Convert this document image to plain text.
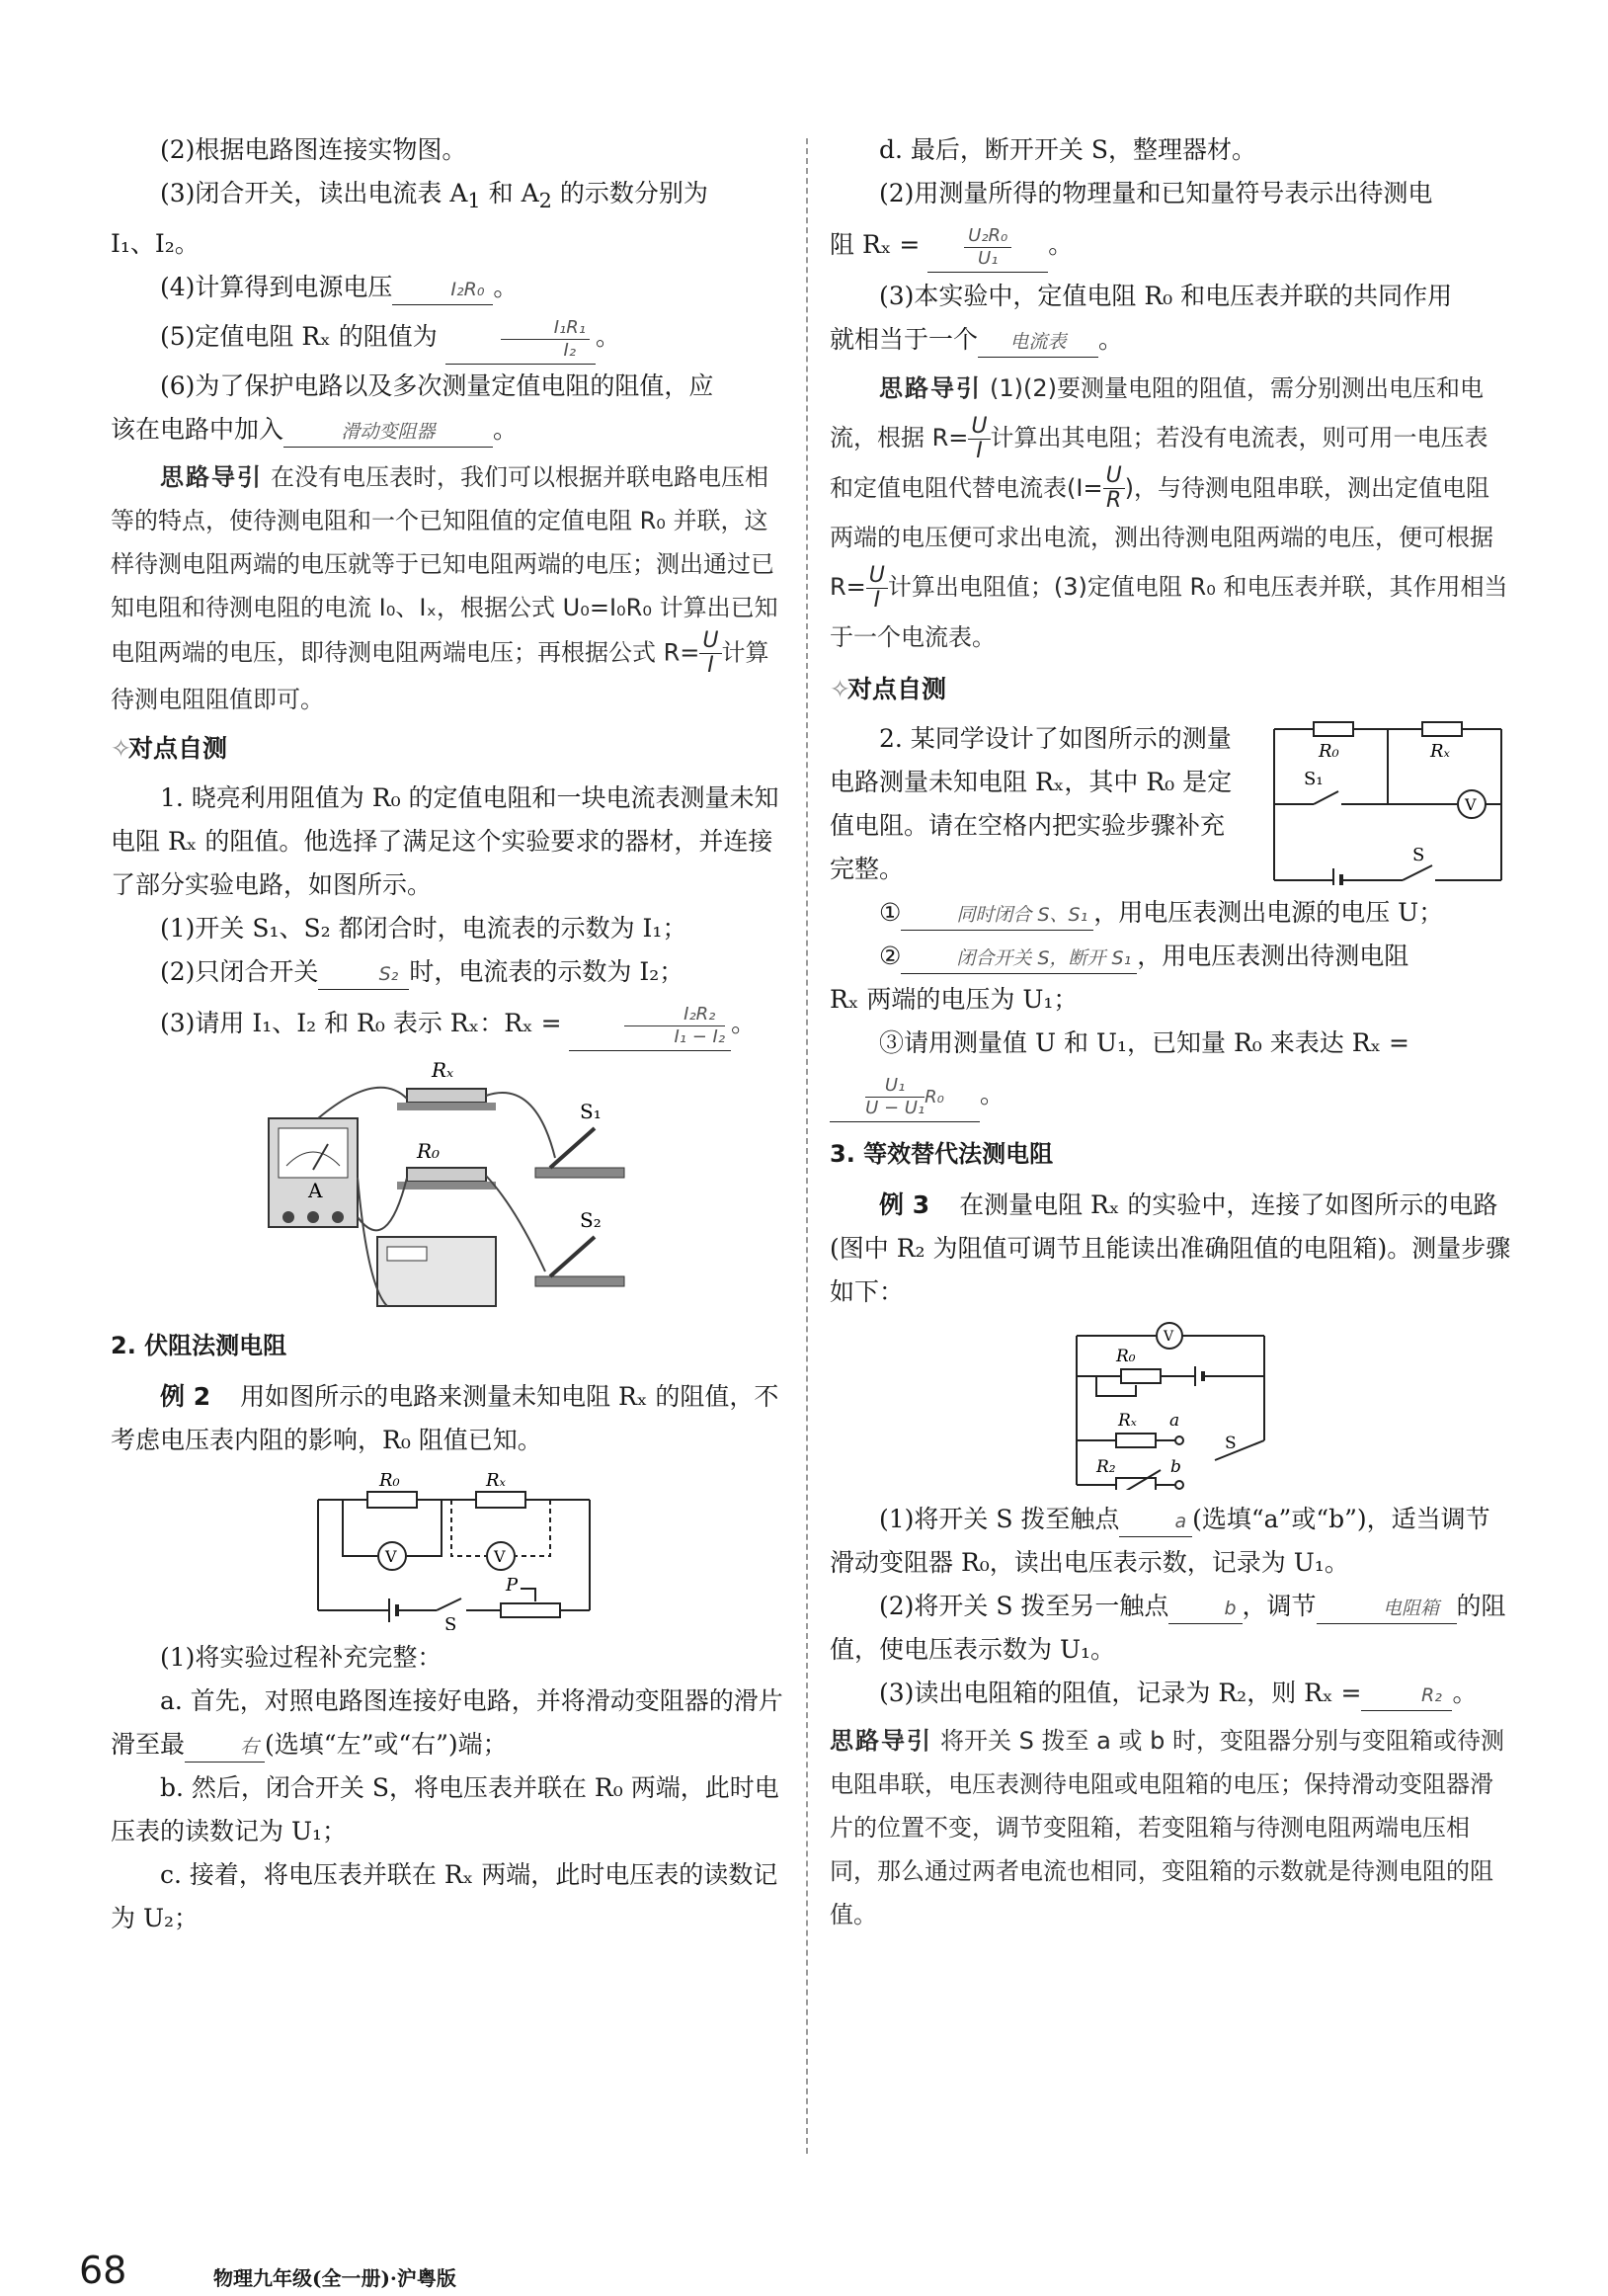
(2)根据电路图连接实物图。

(3)闭合开关，读出电流表 $A_1$ 和 $A_2$ 的示数分别为

I₁、I₂。

(4)计算得到电源电压	I₂R₀ 。

(5)定值电阻 Rₓ 的阻值为	$\frac{\text{I₁R₁}}{\text{I₂}}$ 。

(6)为了保护电路以及多次测量定值电阻的阻值，应

该在电路中加入	滑动变阻器 。

思路导引 在没有电压表时，我们可以根据并联电路电压相等的特点，使待测电阻和一个已知阻值的定值电阻 R₀ 并联，这样待测电阻两端的电压就等于已知电阻两端的电压；测出通过已知电阻和待测电阻的电流 I₀、Iₓ，根据公式 U₀=I₀R₀ 计算出已知电阻两端的电压，即待测电阻两端电压；再根据公式 $R= \frac{U}{I}$ 计算待测电阻阻值即可。
✧对点自测

1. 晓亮利用阻值为 R₀ 的定值电阻和一块电流表测量未知电阻 Rₓ 的阻值。他选择了满足这个实验要求的器材，并连接了部分实验电路，如图所示。

(1)开关 S₁、S₂ 都闭合时，电流表的示数为 I₁；

(2)只闭合开关	S₂ 时，电流表的示数为 I₂；

(3)请用 I₁、I₂ 和 R₀ 表示 Rₓ：Rₓ =	$\frac{\text{I₂R₂}}{\text{I₁ − I₂}}$ 。

A
Rₓ
R₀
S₁
S₂
2. 伏阻法测电阻

例 2 用如图所示的电路来测量未知电阻 Rₓ 的阻值，不考虑电压表内阻的影响，R₀ 阻值已知。

R₀	Rₓ
V	V
P
S

(1)将实验过程补充完整：

a. 首先，对照电路图连接好电路，并将滑动变阻器的滑片滑至最	右 (选填“左”或“右”)端；

b. 然后，闭合开关 S，将电压表并联在 R₀ 两端，此时电压表的读数记为 U₁；

c. 接着，将电压表并联在 Rₓ 两端，此时电压表的读数记为 U₂；

d. 最后，断开开关 S，整理器材。

(2)用测量所得的物理量和已知量符号表示出待测电

阻 $R_x = \frac{\text{U₂R₀}}{\text{U₁}}$ 。

(3)本实验中，定值电阻 R₀ 和电压表并联的共同作用

就相当于一个 电流表 。

思路导引 (1)(2)要测量电阻的阻值，需分别测出电压和电流，根据 $R= \frac{U}{I}$ 计算出其电阻；若没有电流表，则可用一电压表和定值电阻代替电流表($I= \frac{U}{R}$ )，与待测电阻串联，测出定值电阻两端的电压便可求出电流，测出待测电阻两端的电压，便可根据 $R= \frac{U}{I}$ 计算出电阻值；(3)定值电阻 R₀ 和电压表并联，其作用相当于一个电流表。
✧对点自测

2. 某同学设计了如图所示的测量电路测量未知电阻 Rₓ，其中 R₀ 是定值电阻。请在空格内把实验步骤补充完整。

R₀	Rₓ
S₁
V
S

①	同时闭合 S、S₁ ，用电压表测出电源的电压 U；

②	闭合开关 S，断开 S₁ ，用电压表测出待测电阻

Rₓ 两端的电压为 U₁；

③请用测量值 U 和 U₁，已知量 R₀ 来表达 Rₓ =

$\frac{\text{U₁}}{\text{U − U₁}} R_0$ 。

3. 等效替代法测电阻

例 3 在测量电阻 Rₓ 的实验中，连接了如图所示的电路(图中 R₂ 为阻值可调节且能读出准确阻值的电阻箱)。测量步骤如下：

V
R₀
Rₓ a
R₂	b
S

(1)将开关 S 拨至触点	a (选填“a”或“b”)，适当调节滑动变阻器 R₀，读出电压表示数，记录为 U₁。

(2)将开关 S 拨至另一触点	b ，调节	电阻箱 的阻值，使电压表示数为 U₁。

(3)读出电阻箱的阻值，记录为 R₂，则 Rₓ =	R₂ 。

思路导引 将开关 S 拨至 a 或 b 时，变阻器分别与变阻箱或待测电阻串联，电压表测待电阻或电阻箱的电压；保持滑动变阻器滑片的位置不变，调节变阻箱，若变阻箱与待测电阻两端电压相同，那么通过两者电流也相同，变阻箱的示数就是待测电阻的阻值。
68	物理九年级(全一册)·沪粤版
